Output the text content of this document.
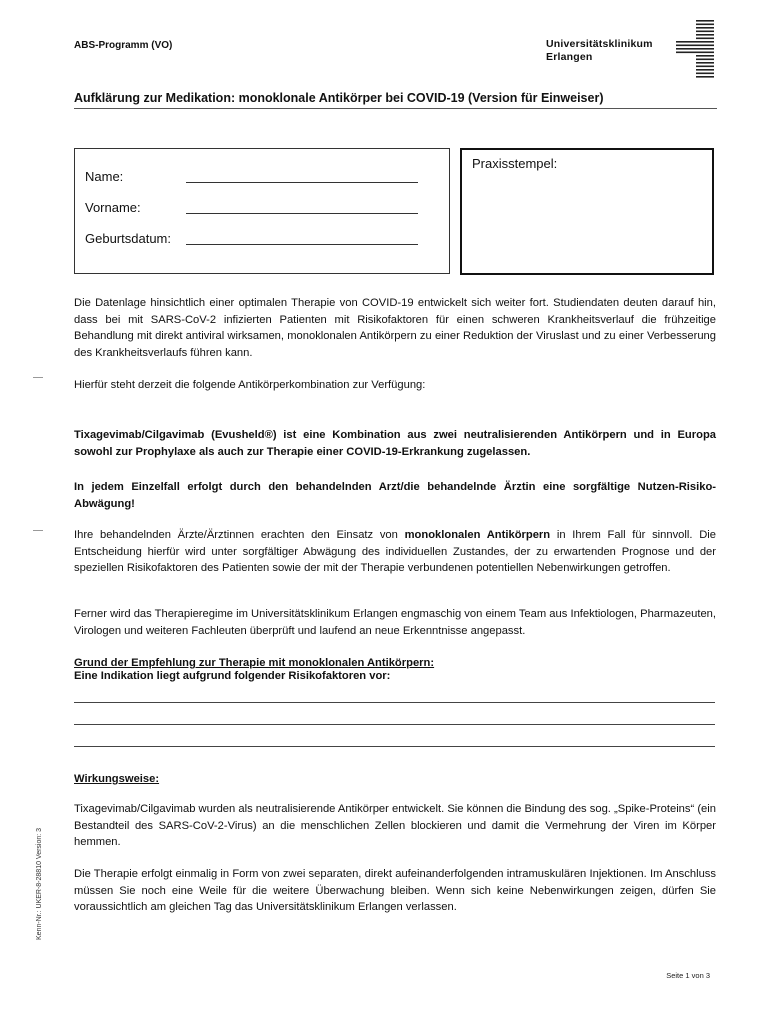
ABS-Programm (VO)	Universitätsklinikum
Erlangen
Aufklärung zur Medikation: monoklonale Antikörper bei COVID-19 (Version für Einweiser)
Name:
Vorname:
Geburtsdatum:
Praxisstempel:
Die Datenlage hinsichtlich einer optimalen Therapie von COVID-19 entwickelt sich weiter fort. Studiendaten deuten darauf hin, dass bei mit SARS-CoV-2 infizierten Patienten mit Risikofaktoren für einen schweren Krankheitsverlauf die frühzeitige Behandlung mit direkt antiviral wirksamen, monoklonalen Antikörpern zu einer Reduktion der Viruslast und zu einer Verbesserung des Krankheitsverlaufs führen kann.
Hierfür steht derzeit die folgende Antikörperkombination zur Verfügung:
Tixagevimab/Cilgavimab (Evusheld®) ist eine Kombination aus zwei neutralisierenden Antikörpern und in Europa sowohl zur Prophylaxe als auch zur Therapie einer COVID-19-Erkrankung zugelassen.
In jedem Einzelfall erfolgt durch den behandelnden Arzt/die behandelnde Ärztin eine sorgfältige Nutzen-Risiko-Abwägung!
Ihre behandelnden Ärzte/Ärztinnen erachten den Einsatz von monoklonalen Antikörpern in Ihrem Fall für sinnvoll. Die Entscheidung hierfür wird unter sorgfältiger Abwägung des individuellen Zustandes, der zu erwartenden Prognose und der speziellen Risikofaktoren des Patienten sowie der mit der Therapie verbundenen potentiellen Nebenwirkungen getroffen.
Ferner wird das Therapieregime im Universitätsklinikum Erlangen engmaschig von einem Team aus Infektiologen, Pharmazeuten, Virologen und weiteren Fachleuten überprüft und laufend an neue Erkenntnisse angepasst.
Grund der Empfehlung zur Therapie mit monoklonalen Antikörpern:
Eine Indikation liegt aufgrund folgender Risikofaktoren vor:
Wirkungsweise:
Tixagevimab/Cilgavimab wurden als neutralisierende Antikörper entwickelt. Sie können die Bindung des sog. „Spike-Proteins“ (ein Bestandteil des SARS-CoV-2-Virus) an die menschlichen Zellen blockieren und damit die Vermehrung der Viren im Körper hemmen.
Die Therapie erfolgt einmalig in Form von zwei separaten, direkt aufeinanderfolgenden intramuskulären Injektionen. Im Anschluss müssen Sie noch eine Weile für die weitere Überwachung bleiben. Wenn sich keine Nebenwirkungen zeigen, dürfen Sie voraussichtlich am gleichen Tag das Universitätsklinikum Erlangen verlassen.
Kenn-Nr.: UKER-8-28810 Version: 3
Seite 1 von 3
